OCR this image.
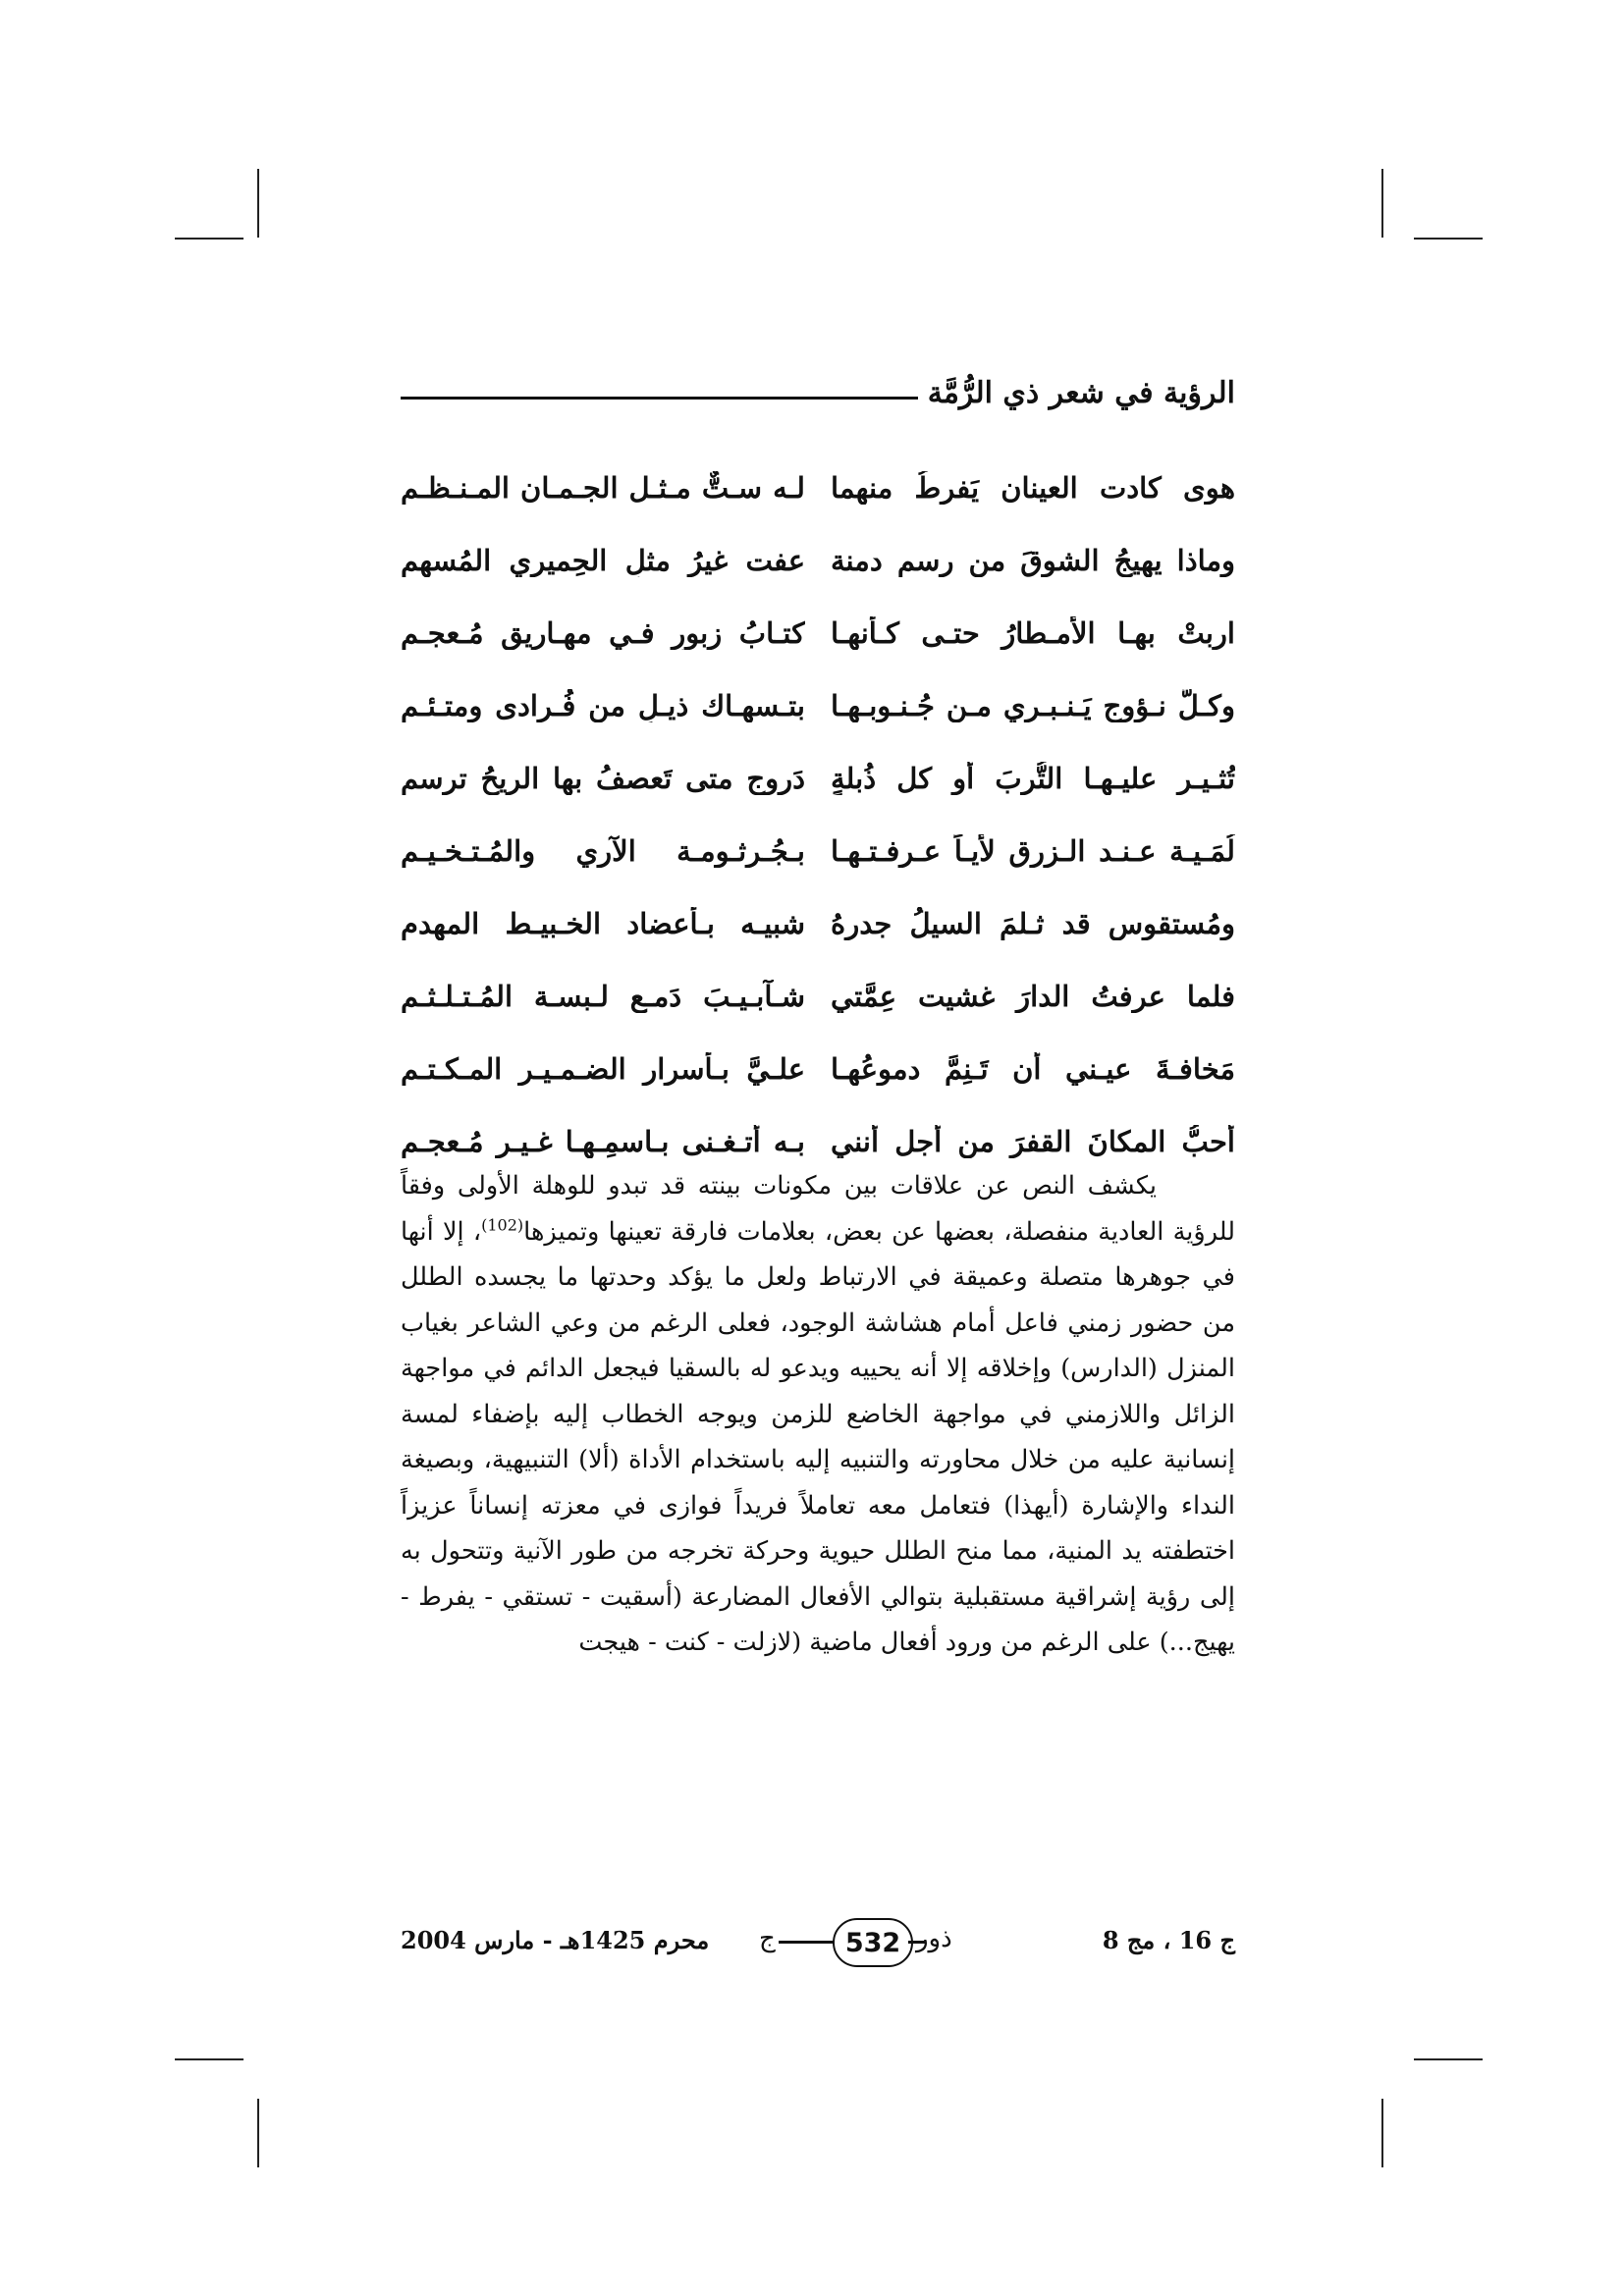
الرؤية في شعر ذي الرُّمَّة
هوى كادت العينان يَفرطُ منهما
لـه سـتٌّ مـثـل الجـمـان المـنـظـمِ
وماذا يهيجُ الشوقَ من رسمِ دمنة
عفت غيرُ مثلِ الحِميري المُسهمِ
اربتْ بهـا الأمـطارُ حتـى كـأنهـا
كتـابُ زبورٍ فـي مهـاريق مُـعجـمِ
وكـلُّ نـؤوجٍ يَـنـبـري مـن جُـنـوبـهـا
بتـسهـاك ذيـلٍ من فُـرادى ومتـئـمِ
تُثـيـر عليـهـا التُّربَ أو كل ذُبلةٍ
دَروجٍ متى تَعصفُ بها الريحُ ترسمِ
لُمَـيـة عـنـد الـزرق لأيـاً عـرفـتـهـا
بـجُـرثـومـة الآري والمُـتـخـيـمِ
ومُستقوس قد ثـلمَ السيلُ جدرهُ
شبيـه بـأعضاد الخـبيـط المهدمِ
فلما عرفتُ الدارَ غشيت عِمَّتي
شـآبـيـبَ دَمـعٍ لـبسـة المُـتـلـثـمِ
مَخافـةَ عيـني أن تَـنِمَّ دموعُهـا
علـيَّ بـأسرارِ الضـمـيـرِ المـكـتـمِ
أحبُّ المكانَ القفرَ من أجل أنني
بـه أتـغـنى بـاسمِـهـا غـيـر مُـعجـمِ

يكشف النص عن علاقات بين مكونات بينته قد تبدو للوهلة الأولى وفقاً للرؤية العادية منفصلة، بعضها عن بعض، بعلامات فارقة تعينها وتميزها$^{(102)}$، إلا أنها في جوهرها متصلة وعميقة في الارتباط ولعل ما يؤكد وحدتها ما يجسده الطلل من حضور زمني فاعل أمام هشاشة الوجود، فعلى الرغم من وعي الشاعر بغياب المنزل (الدارس) وإخلاقه إلا أنه يحييه ويدعو له بالسقيا فيجعل الدائم في مواجهة الزائل واللازمني في مواجهة الخاضع للزمن ويوجه الخطاب إليه بإضفاء لمسة إنسانية عليه من خلال محاورته والتنبيه إليه باستخدام الأداة (ألا) التنبيهية، وبصيغة النداء والإشارة (أيهذا) فتعامل معه تعاملاً فريداً فوازى في معزته إنساناً عزيزاً اختطفته يد المنية، مما منح الطلل حيوية وحركة تخرجه من طور الآنية وتتحول به إلى رؤية إشراقية مستقبلية بتوالي الأفعال المضارعة (أسقيت - تستقي - يفرط - يهيج...) على الرغم من ورود أفعال ماضية (لازلت - كنت - هيجت

ج 16 ، مج 8
ج	532 ذور
محرم 1425هـ - مارس 2004
